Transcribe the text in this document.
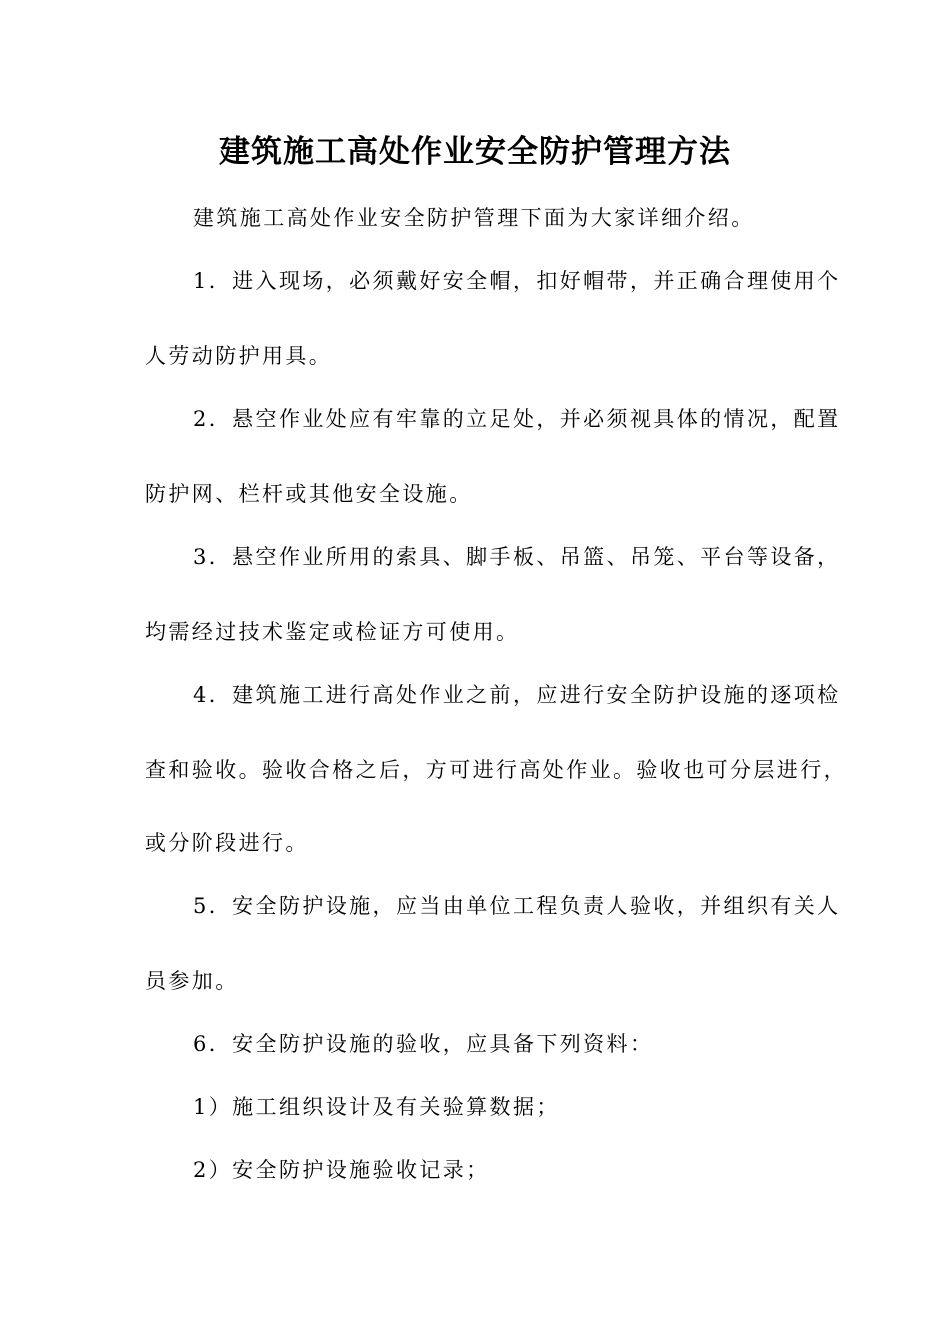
建筑施工高处作业安全防护管理方法
建筑施工高处作业安全防护管理下面为大家详细介绍。
1．进入现场，必须戴好安全帽，扣好帽带，并正确合理使用个
人劳动防护用具。
2．悬空作业处应有牢靠的立足处，并必须视具体的情况，配置
防护网、栏杆或其他安全设施。
3．悬空作业所用的索具、脚手板、吊篮、吊笼、平台等设备，
均需经过技术鉴定或检证方可使用。
4．建筑施工进行高处作业之前，应进行安全防护设施的逐项检
查和验收。验收合格之后，方可进行高处作业。验收也可分层进行，
或分阶段进行。
5．安全防护设施，应当由单位工程负责人验收，并组织有关人
员参加。
6．安全防护设施的验收，应具备下列资料：
1）施工组织设计及有关验算数据；
2）安全防护设施验收记录；
